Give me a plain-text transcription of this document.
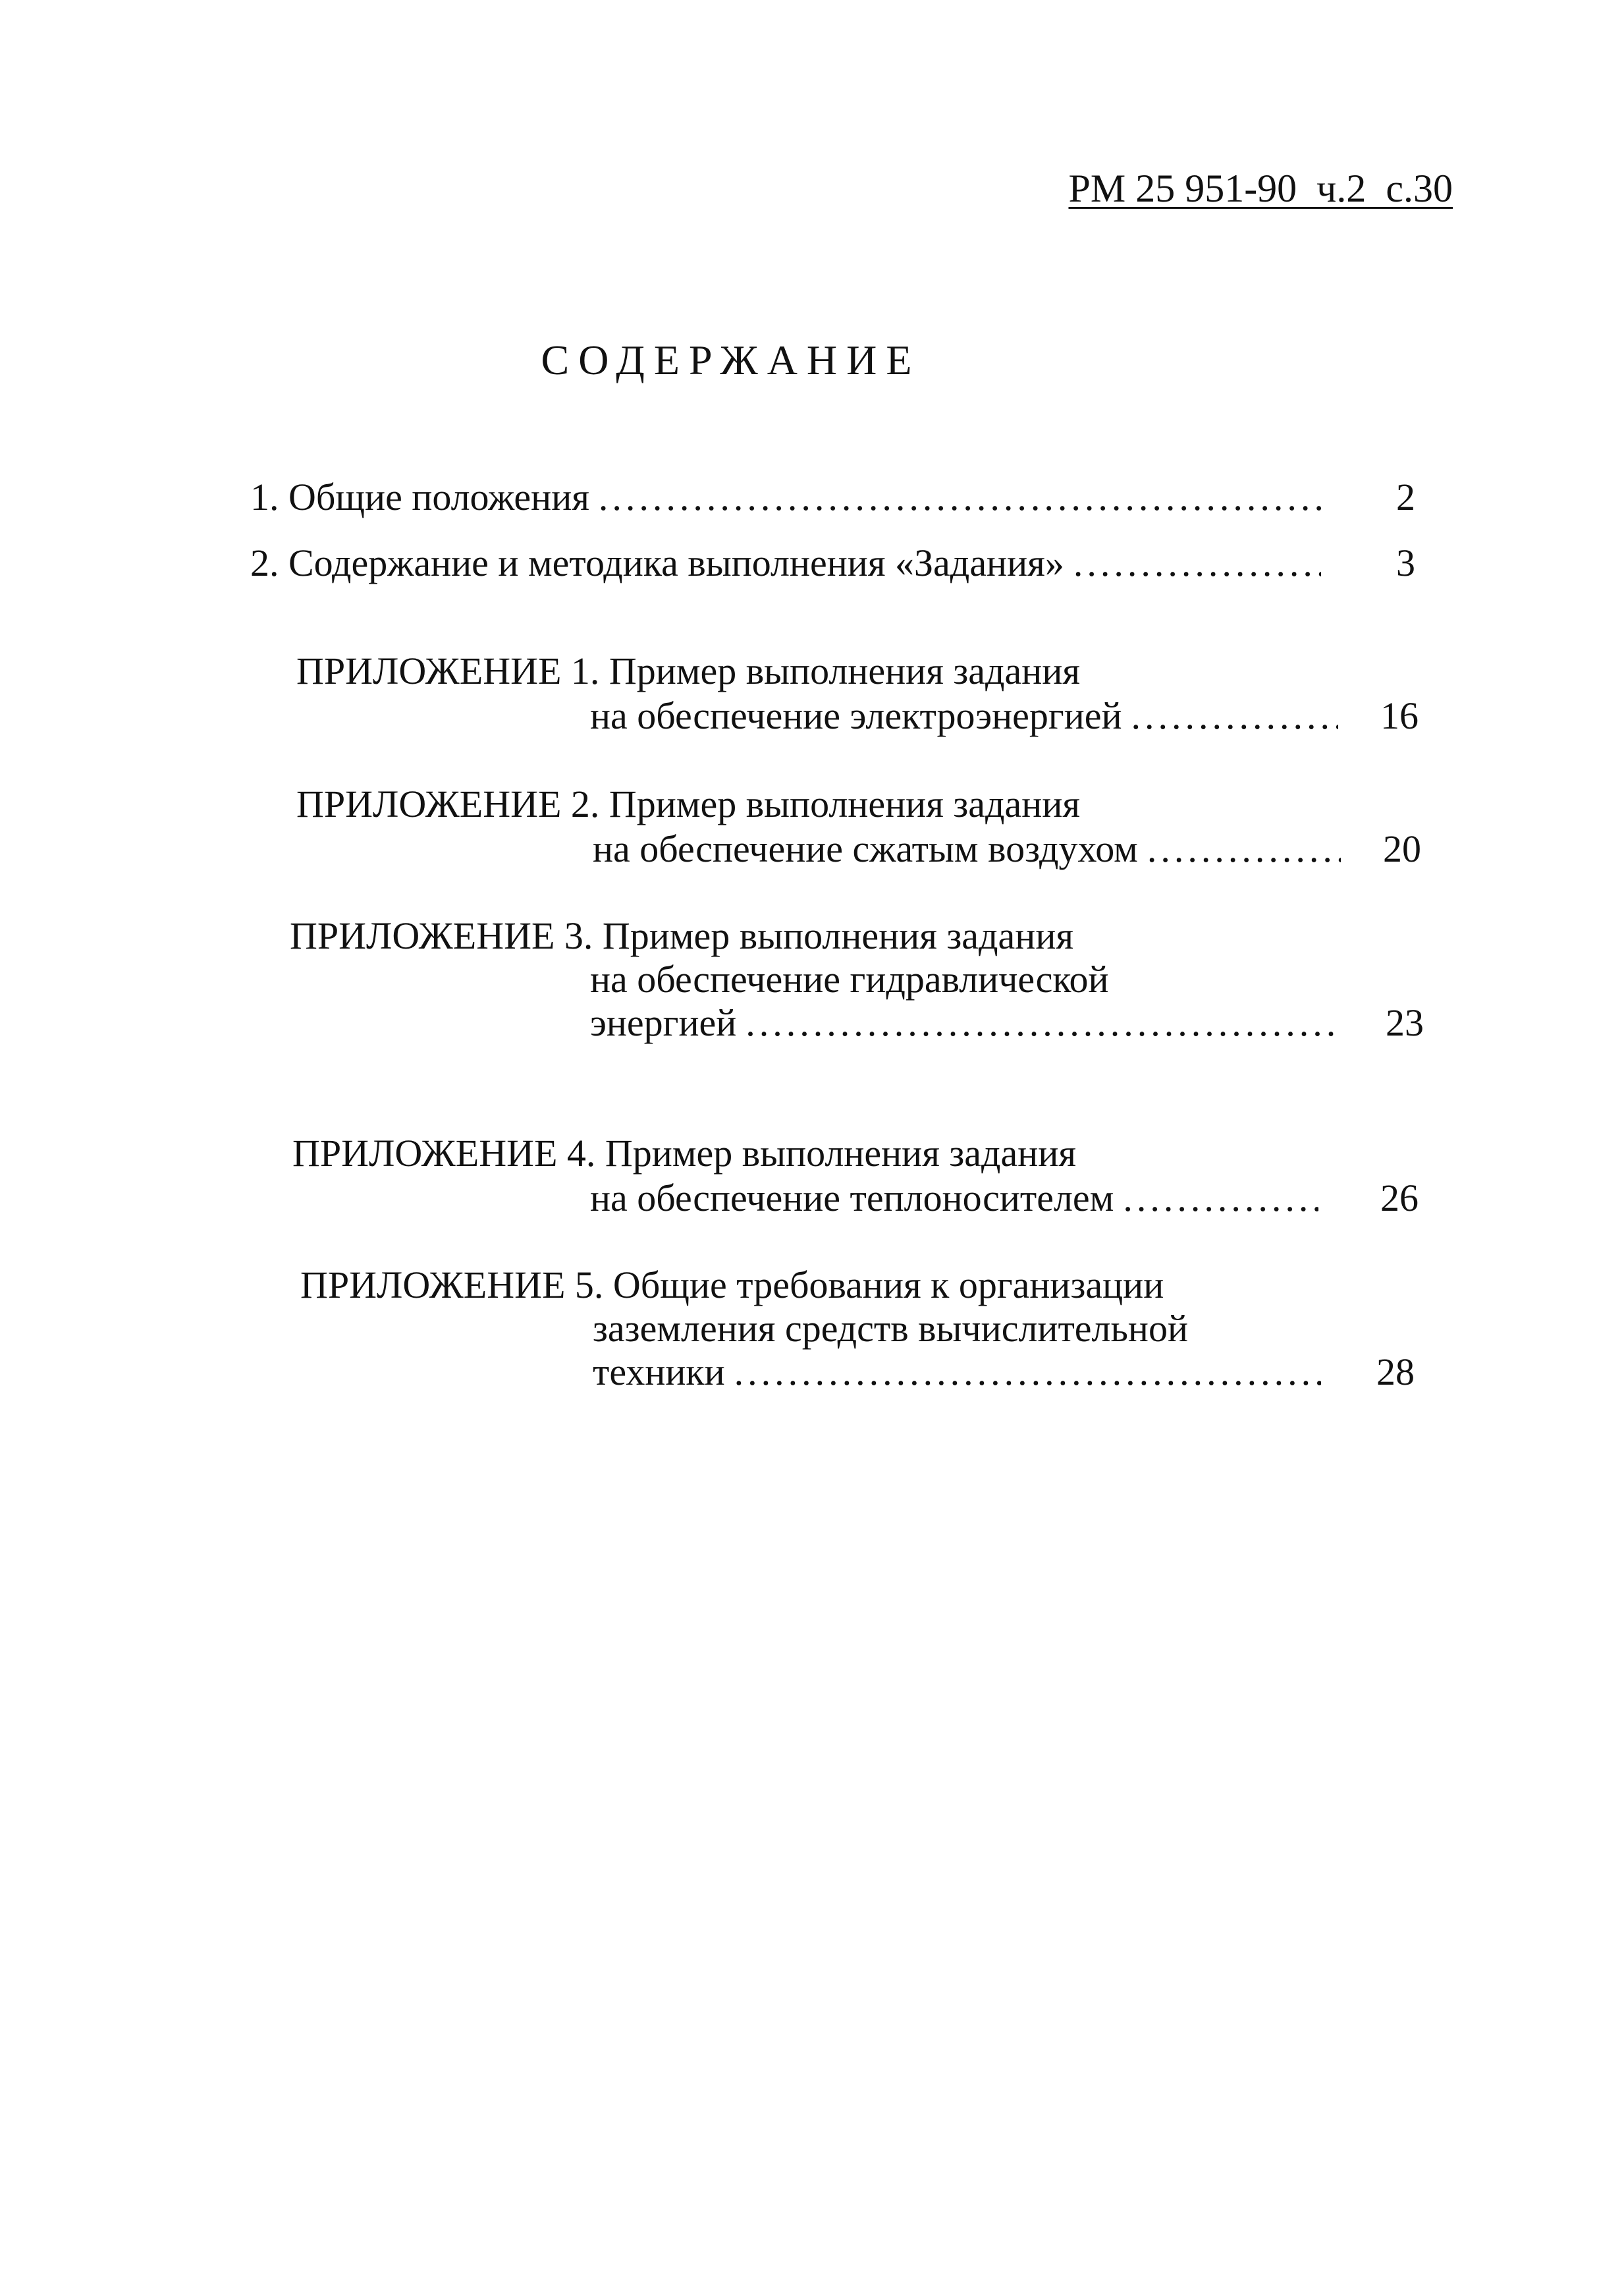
РМ 25 951-90  ч.2  с.30
СОДЕРЖАНИЕ
1. Общие положения .....	2
2. Содержание и методика выполнения «Задания» .....	3
ПРИЛОЖЕНИЕ 1. Пример выполнения задания
на обеспечение электроэнергией .....	16
ПРИЛОЖЕНИЕ 2. Пример выполнения задания
на обеспечение сжатым воздухом .....	20
ПРИЛОЖЕНИЕ 3. Пример выполнения задания
на обеспечение гидравлической
энергией .....	23
ПРИЛОЖЕНИЕ 4. Пример выполнения задания
на обеспечение теплоносителем .....	26
ПРИЛОЖЕНИЕ 5. Общие требования к организации
заземления средств вычислительной
техники .....	28
